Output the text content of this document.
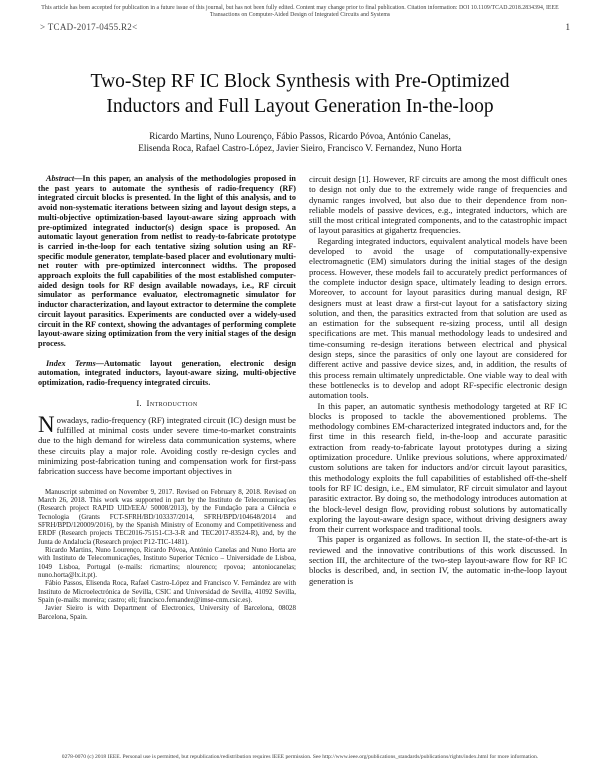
This article has been accepted for publication in a future issue of this journal, but has not been fully edited. Content may change prior to final publication. Citation information: DOI 10.1109/TCAD.2018.2834394, IEEE
Transactions on Computer-Aided Design of Integrated Circuits and Systems
> TCAD-2017-0455.R2<	1
Two-Step RF IC Block Synthesis with Pre-Optimized Inductors and Full Layout Generation In-the-loop
Ricardo Martins, Nuno Lourenço, Fábio Passos, Ricardo Póvoa, António Canelas,
Elisenda Roca, Rafael Castro-López, Javier Sieiro, Francisco V. Fernandez, Nuno Horta

Abstract—In this paper, an analysis of the methodologies proposed in the past years to automate the synthesis of radio-frequency (RF) integrated circuit blocks is presented. In the light of this analysis, and to avoid non-systematic iterations between sizing and layout design steps, a multi-objective optimization-based layout-aware sizing approach with pre-optimized integrated inductor(s) design space is proposed. An automatic layout generation from netlist to ready-to-fabricate prototype is carried in-the-loop for each tentative sizing solution using an RF-specific module generator, template-based placer and evolutionary multi-net router with pre-optimized interconnect widths. The proposed approach exploits the full capabilities of the most established computer-aided design tools for RF design available nowadays, i.e., RF circuit simulator as performance evaluator, electromagnetic simulator for inductor characterization, and layout extractor to determine the complete circuit layout parasitics. Experiments are conducted over a widely-used circuit in the RF context, showing the advantages of performing complete layout-aware sizing optimization from the very initial stages of the design process.

Index Terms—Automatic layout generation, electronic design automation, integrated inductors, layout-aware sizing, multi-objective optimization, radio-frequency integrated circuits.

I. Introduction

Nowadays, radio-frequency (RF) integrated circuit (IC) design must be fulfilled at minimal costs under severe time-to-market constraints due to the high demand for wireless data communication systems, where these circuits play a major role. Avoiding costly re-design cycles and minimizing post-fabrication tuning and compensation work for first-pass fabrication success have become important objectives in

Manuscript submitted on November 9, 2017. Revised on February 8, 2018. Revised on March 26, 2018. This work was supported in part by the Instituto de Telecomunicações (Research project RAPID UID/EEA/ 50008/2013), by the Fundação para a Ciência e Tecnologia (Grants FCT-SFRH/BD/103337/2014, SFRH/BPD/104648/2014 and SFRH/BPD/120009/2016), by the Spanish Ministry of Economy and Competitiveness and ERDF (Research projects TEC2016-75151-C3-3-R and TEC2017-83524-R), and, by the Junta de Andalucía (Research project P12-TIC-1481).

Ricardo Martins, Nuno Lourenço, Ricardo Póvoa, António Canelas and Nuno Horta are with Instituto de Telecomunicações, Instituto Superior Técnico – Universidade de Lisboa, 1049 Lisboa, Portugal (e-mails: ricmartins; nlourenco; rpovoa; antoniocanelas; nuno.horta@lx.it.pt).

Fábio Passos, Elisenda Roca, Rafael Castro-López and Francisco V. Fernández are with Instituto de Microelectrónica de Sevilla, CSIC and Universidad de Sevilla, 41092 Sevilla, Spain (e-mails: moreira; castro; eli; francisco.fernandez@imse-cnm.csic.es).

Javier Sieiro is with Department of Electronics, University of Barcelona, 08028 Barcelona, Spain.

circuit design [1]. However, RF circuits are among the most difficult ones to design not only due to the extremely wide range of frequencies and dynamic ranges involved, but also due to their dependence from non-reliable models of passive devices, e.g., integrated inductors, which are still the most critical integrated components, and to the catastrophic impact of layout parasitics at gigahertz frequencies.

Regarding integrated inductors, equivalent analytical models have been developed to avoid the usage of computationally-expensive electromagnetic (EM) simulators during the initial stages of the design process. However, these models fail to accurately predict performances of the complete inductor design space, ultimately leading to design errors. Moreover, to account for layout parasitics during manual design, RF designers must at least draw a first-cut layout for a satisfactory sizing solution, and then, the parasitics extracted from that solution are used as an estimation for the subsequent re-sizing process, until all design specifications are met. This manual methodology leads to undesired and time-consuming re-design iterations between electrical and physical design steps, since the parasitics of only one layout are considered for different active and passive device sizes, and, in addition, the results of this process remain ultimately unpredictable. One viable way to deal with these bottlenecks is to develop and adopt RF-specific electronic design automation tools.

In this paper, an automatic synthesis methodology targeted at RF IC blocks is proposed to tackle the abovementioned problems. The methodology combines EM-characterized integrated inductors and, for the first time in this research field, in-the-loop and accurate parasitic extraction from ready-to-fabricate layout prototypes during a sizing optimization procedure. Unlike previous solutions, where approximated/ custom solutions are taken for inductors and/or circuit layout parasitics, this methodology exploits the full capabilities of established off-the-shelf tools for RF IC design, i.e., EM simulator, RF circuit simulator and layout parasitic extractor. By doing so, the methodology introduces automation at the block-level design flow, providing robust solutions by automatically exploring the layout-aware design space, without driving designers away from their current workspace and traditional tools.

This paper is organized as follows. In section II, the state-of-the-art is reviewed and the innovative contributions of this work discussed. In section III, the architecture of the two-step layout-aware flow for RF IC blocks is described, and, in section IV, the automatic in-the-loop layout generation is

0278-0070 (c) 2018 IEEE. Personal use is permitted, but republication/redistribution requires IEEE permission. See http://www.ieee.org/publications_standards/publications/rights/index.html for more information.
